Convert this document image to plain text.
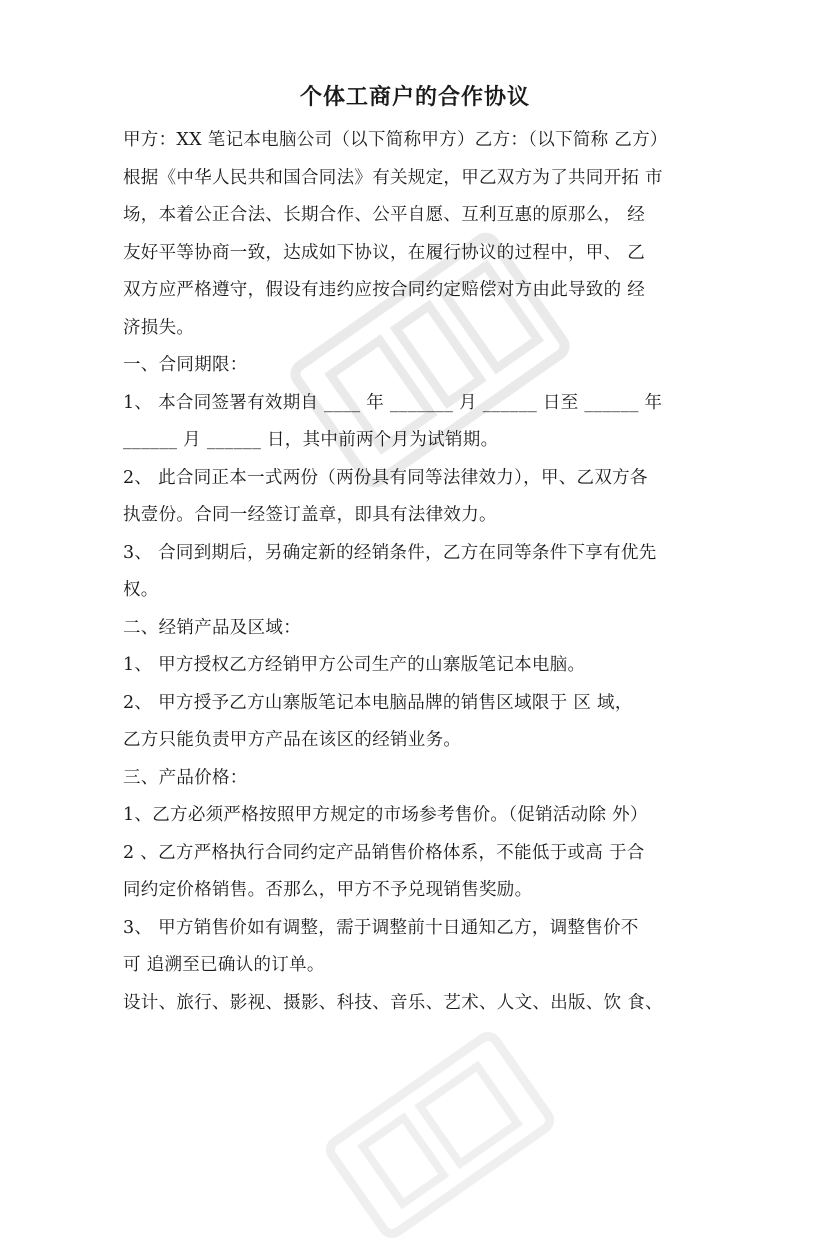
个体工商户的合作协议
甲方：XX 笔记本电脑公司（以下简称甲方）乙方：（以下简称 乙方）
根据《中华人民共和国合同法》有关规定，甲乙双方为了共同开拓 市
场，本着公正合法、长期合作、公平自愿、互利互惠的原那么， 经
友好平等协商一致，达成如下协议，在履行协议的过程中，甲、 乙
双方应严格遵守，假设有违约应按合同约定赔偿对方由此导致的 经
济损失。
一、合同期限：
1、 本合同签署有效期自 ____ 年 _______ 月 ______ 日至 ______ 年
______ 月 ______ 日，其中前两个月为试销期。
2、 此合同正本一式两份（两份具有同等法律效力），甲、乙双方各
执壹份。合同一经签订盖章，即具有法律效力。
3、 合同到期后，另确定新的经销条件，乙方在同等条件下享有优先
权。
二、经销产品及区域：
1、 甲方授权乙方经销甲方公司生产的山寨版笔记本电脑。
2、 甲方授予乙方山寨版笔记本电脑品牌的销售区域限于 区 域，
乙方只能负责甲方产品在该区的经销业务。
三、产品价格：
1、乙方必须严格按照甲方规定的市场参考售价。（促销活动除 外）
2 、乙方严格执行合同约定产品销售价格体系，不能低于或高 于合
同约定价格销售。否那么，甲方不予兑现销售奖励。
3、 甲方销售价如有调整，需于调整前十日通知乙方，调整售价不
可 追溯至已确认的订单。
设计、旅行、影视、摄影、科技、音乐、艺术、人文、出版、饮 食、
